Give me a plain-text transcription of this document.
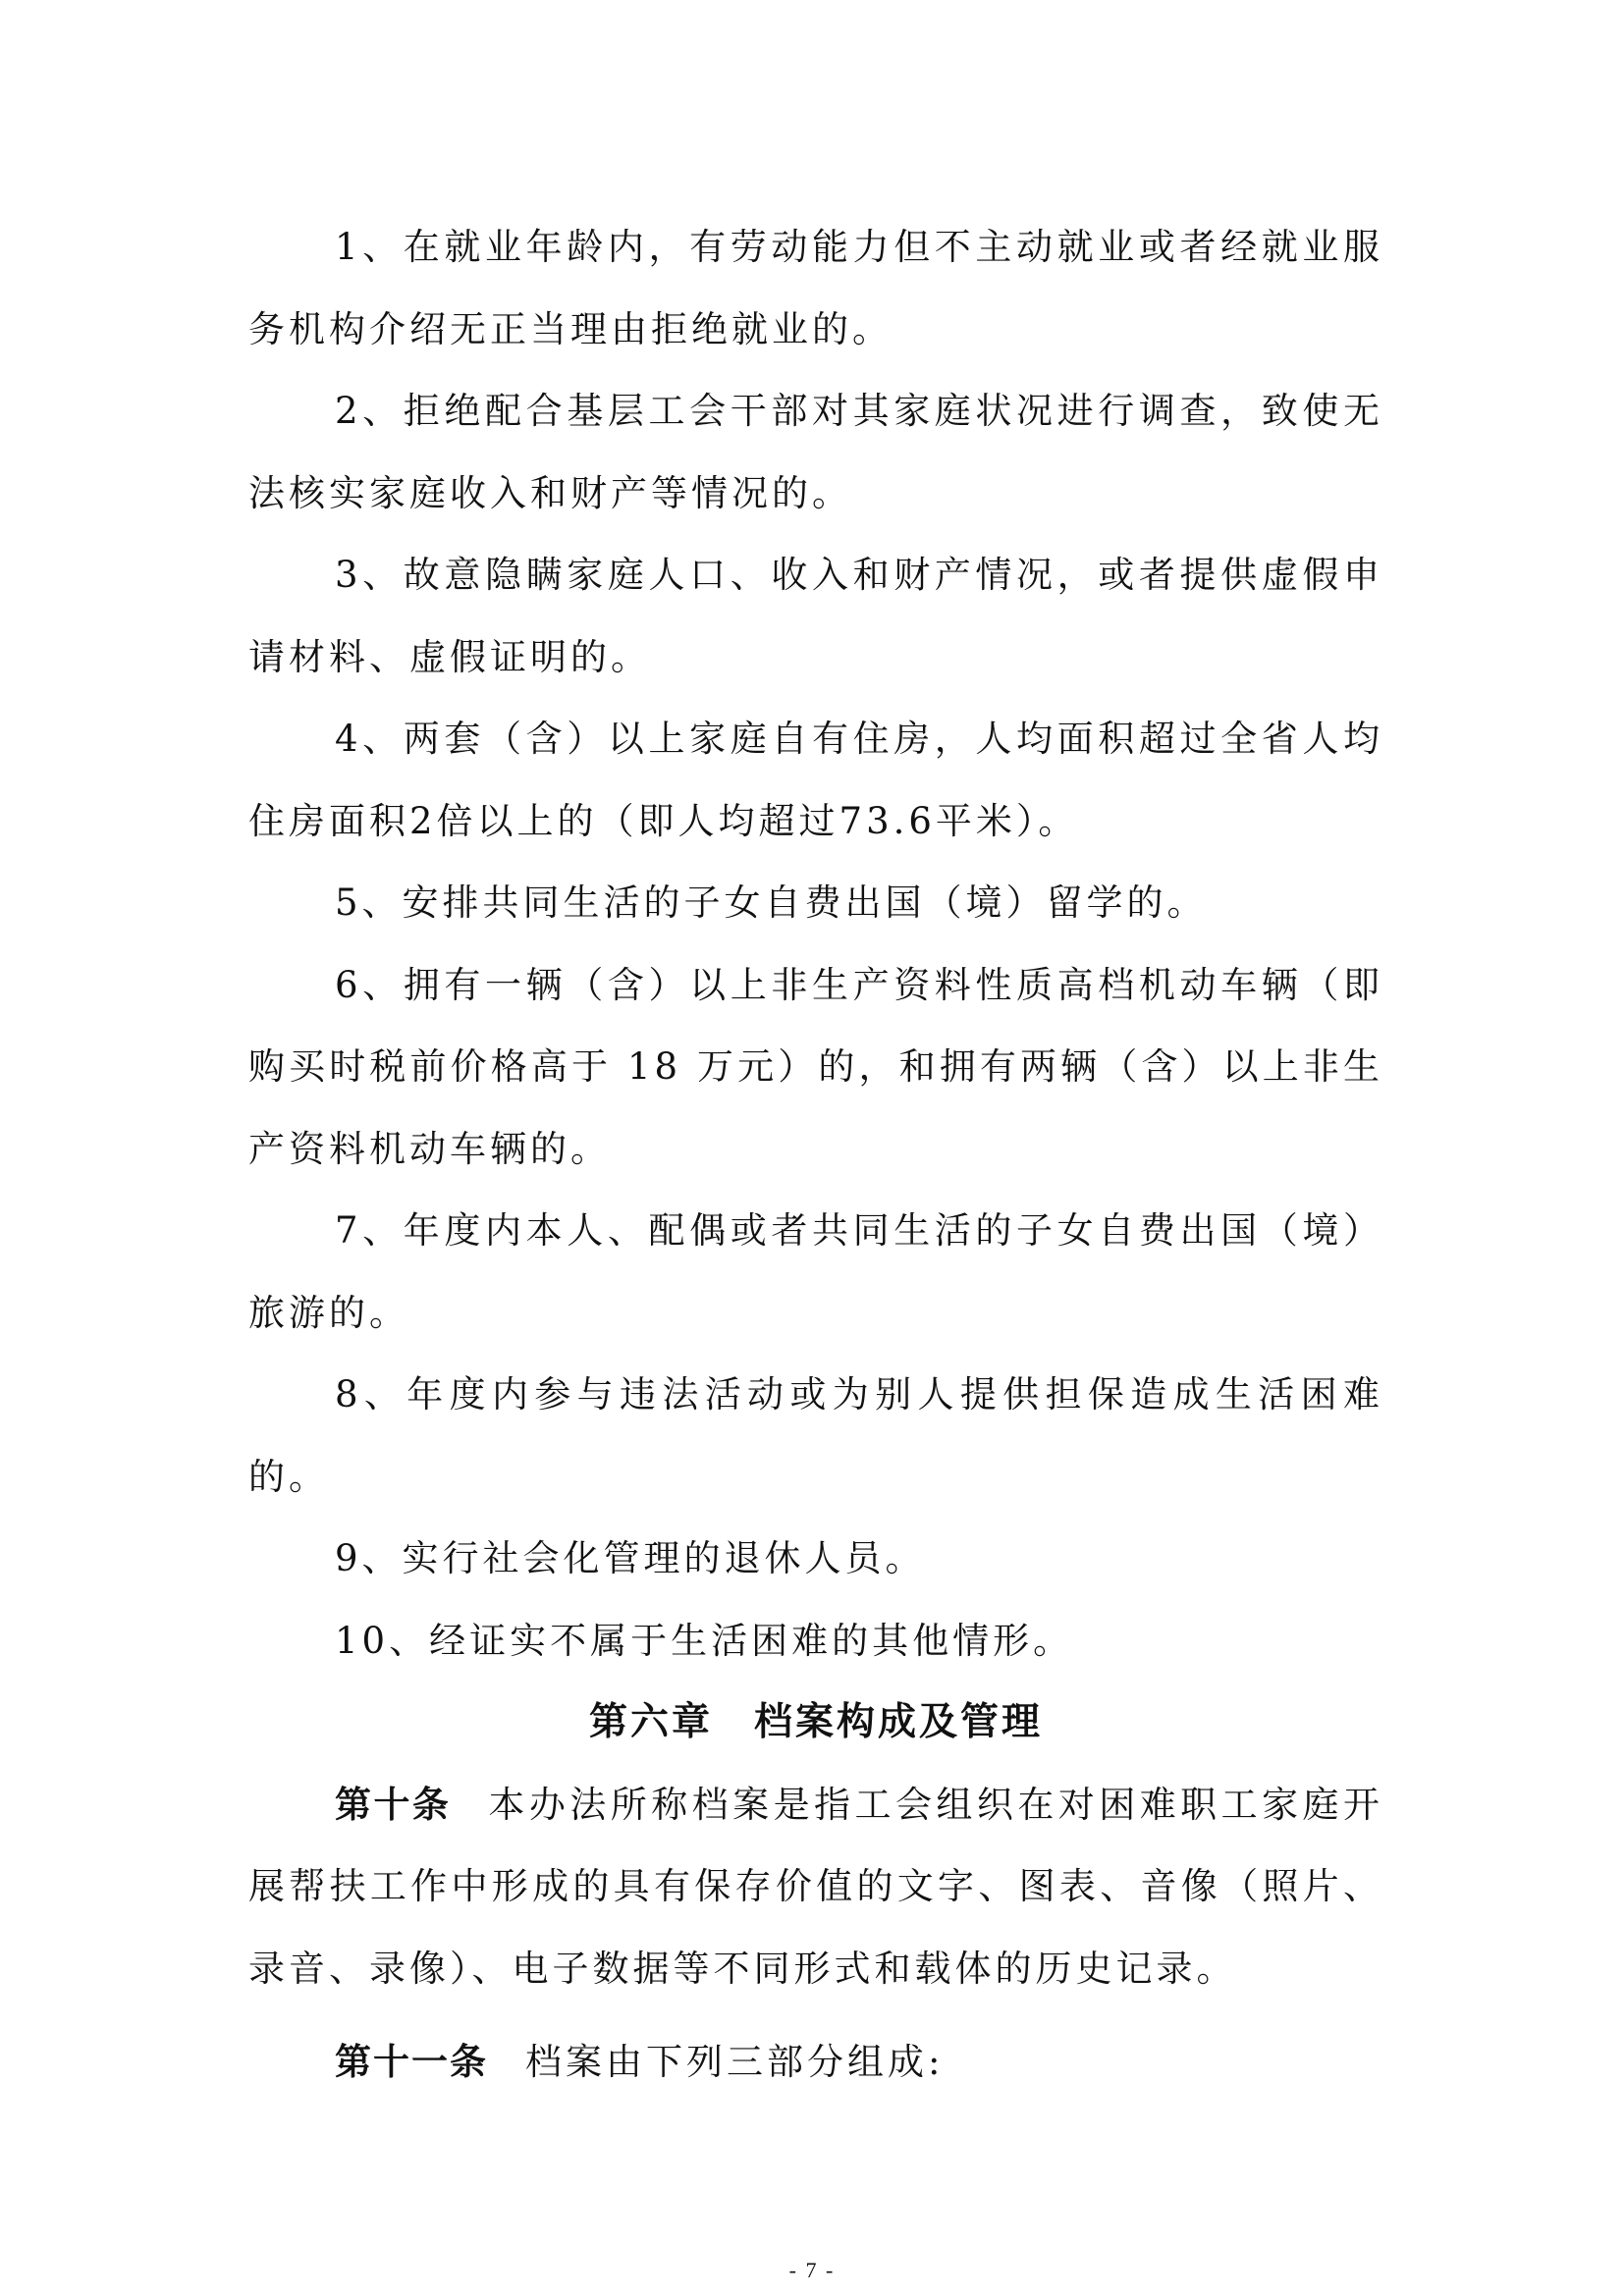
1、在就业年龄内，有劳动能力但不主动就业或者经就业服务机构介绍无正当理由拒绝就业的。

2、拒绝配合基层工会干部对其家庭状况进行调查，致使无法核实家庭收入和财产等情况的。

3、故意隐瞒家庭人口、收入和财产情况，或者提供虚假申请材料、虚假证明的。

4、两套（含）以上家庭自有住房，人均面积超过全省人均住房面积2倍以上的（即人均超过73.6平米）。

5、安排共同生活的子女自费出国（境）留学的。

6、拥有一辆（含）以上非生产资料性质高档机动车辆（即购买时税前价格高于 18 万元）的，和拥有两辆（含）以上非生产资料机动车辆的。

7、年度内本人、配偶或者共同生活的子女自费出国（境）旅游的。

8、年度内参与违法活动或为别人提供担保造成生活困难的。

9、实行社会化管理的退休人员。

10、经证实不属于生活困难的其他情形。

第六章　档案构成及管理

第十条 本办法所称档案是指工会组织在对困难职工家庭开展帮扶工作中形成的具有保存价值的文字、图表、音像（照片、录音、录像）、电子数据等不同形式和载体的历史记录。

第十一条 档案由下列三部分组成:

- 7 -
